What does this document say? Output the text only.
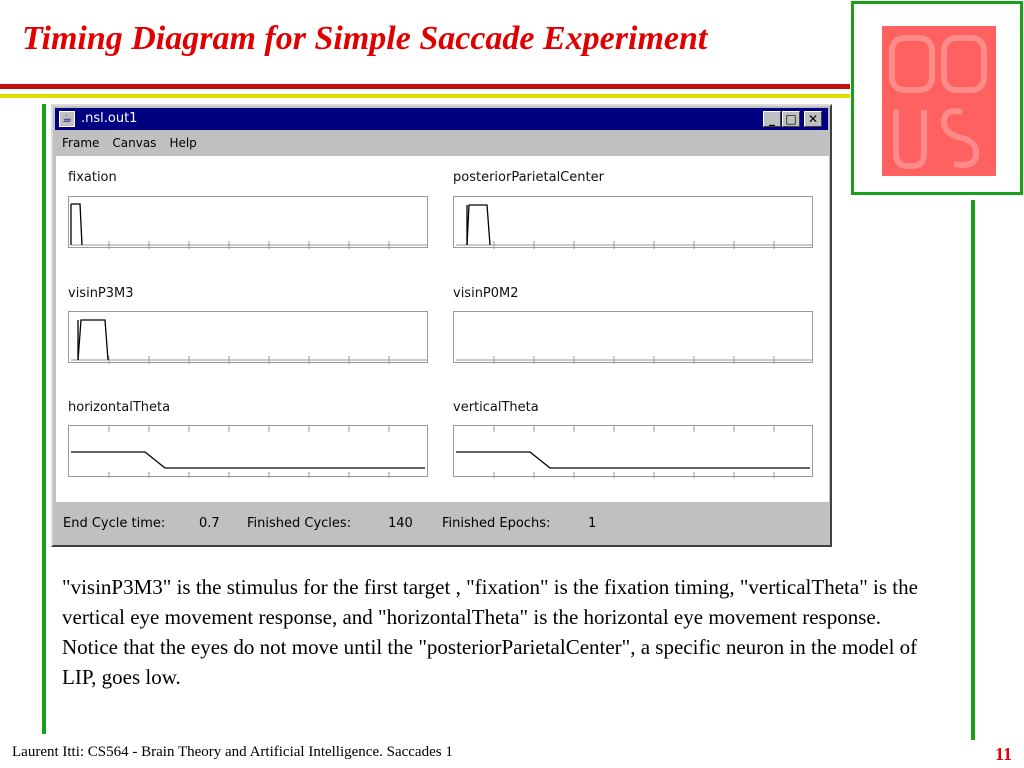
Timing Diagram for Simple Saccade Experiment
☕ .nsl.out1	_ □ ✕
Frame Canvas Help
fixation	posteriorParietalCenter
visinP3M3	visinP0M2
horizontalTheta	verticalTheta
End Cycle time:	0.7 Finished Cycles:	140 Finished Epochs:	1
"visinP3M3" is the stimulus for the first target , "fixation" is the fixation timing, "verticalTheta" is the vertical eye movement response, and "horizontalTheta" is the horizontal eye movement response. Notice that the eyes do not move until the "posteriorParietalCenter", a specific neuron in the model of LIP, goes low.
Laurent Itti: CS564 - Brain Theory and Artificial Intelligence. Saccades 1	11
